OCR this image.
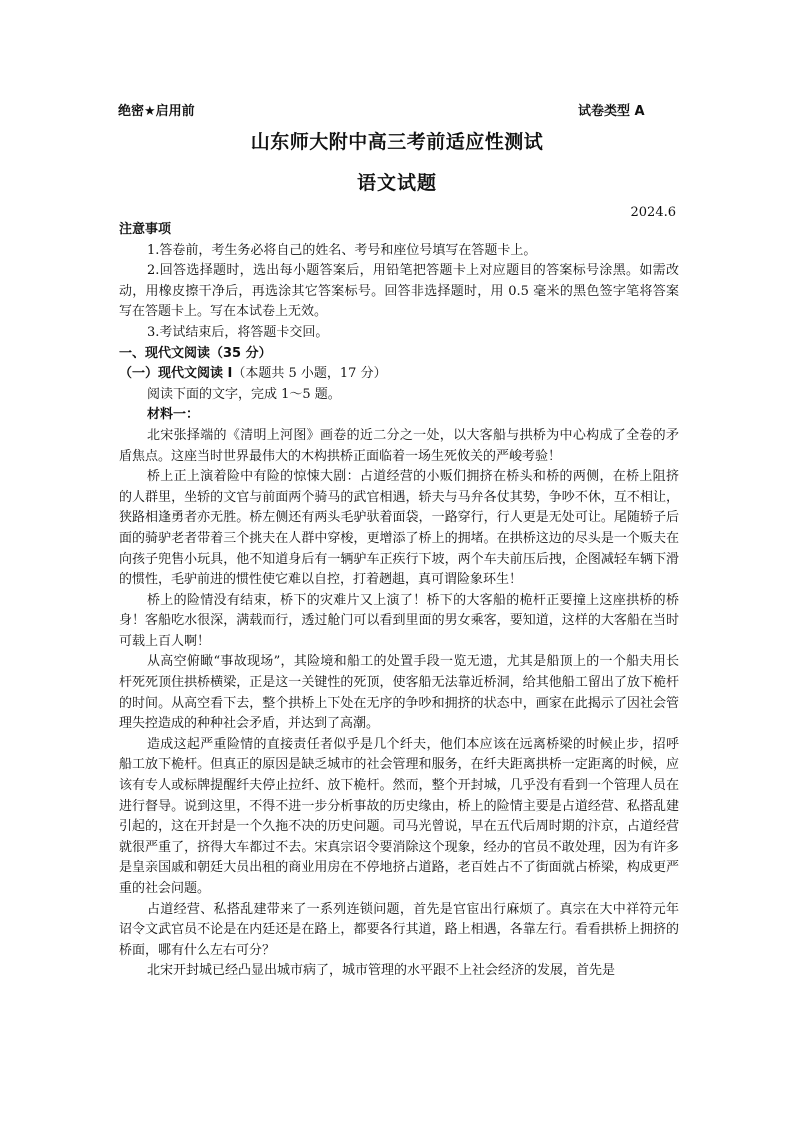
绝密★启用前	试卷类型 A
山东师大附中高三考前适应性测试
语文试题
2024.6

注意事项

1.答卷前，考生务必将自己的姓名、考号和座位号填写在答题卡上。

2.回答选择题时，选出每小题答案后，用铅笔把答题卡上对应题目的答案标号涂黑。如需改动，用橡皮擦干净后，再选涂其它答案标号。回答非选择题时，用 0.5 毫米的黑色签字笔将答案写在答题卡上。写在本试卷上无效。

3.考试结束后，将答题卡交回。

一、现代文阅读（35 分）

（一）现代文阅读 I（本题共 5 小题，17 分）

阅读下面的文字，完成 1～5 题。

材料一：

北宋张择端的《清明上河图》画卷的近二分之一处，以大客船与拱桥为中心构成了全卷的矛盾焦点。这座当时世界最伟大的木构拱桥正面临着一场生死攸关的严峻考验！

桥上正上演着险中有险的惊悚大剧：占道经营的小贩们拥挤在桥头和桥的两侧，在桥上阻挤的人群里，坐轿的文官与前面两个骑马的武官相遇，轿夫与马弁各仗其势，争吵不休，互不相让，狭路相逢勇者亦无胜。桥左侧还有两头毛驴驮着面袋，一路穿行，行人更是无处可让。尾随轿子后面的骑驴老者带着三个挑夫在人群中穿梭，更增添了桥上的拥堵。在拱桥这边的尽头是一个贩夫在向孩子兜售小玩具，他不知道身后有一辆驴车正疾行下坡，两个车夫前压后拽，企图减轻车辆下滑的惯性，毛驴前进的惯性使它难以自控，打着趔趄，真可谓险象环生！

桥上的险情没有结束，桥下的灾难片又上演了！桥下的大客船的桅杆正要撞上这座拱桥的桥身！客船吃水很深，满载而行，透过舱门可以看到里面的男女乘客，要知道，这样的大客船在当时可载上百人啊！

从高空俯瞰“事故现场”，其险境和船工的处置手段一览无遗，尤其是船顶上的一个船夫用长杆死死顶住拱桥横梁，正是这一关键性的死顶，使客船无法靠近桥洞，给其他船工留出了放下桅杆的时间。从高空看下去，整个拱桥上下处在无序的争吵和拥挤的状态中，画家在此揭示了因社会管理失控造成的种种社会矛盾，并达到了高潮。

造成这起严重险情的直接责任者似乎是几个纤夫，他们本应该在远离桥梁的时候止步，招呼船工放下桅杆。但真正的原因是缺乏城市的社会管理和服务，在纤夫距离拱桥一定距离的时候，应该有专人或标牌提醒纤夫停止拉纤、放下桅杆。然而，整个开封城，几乎没有看到一个管理人员在进行督导。说到这里，不得不进一步分析事故的历史缘由，桥上的险情主要是占道经营、私搭乱建引起的，这在开封是一个久拖不决的历史问题。司马光曾说，早在五代后周时期的汴京，占道经营就很严重了，挤得大车都过不去。宋真宗诏令要消除这个现象，经办的官员不敢处理，因为有许多是皇亲国戚和朝廷大员出租的商业用房在不停地挤占道路，老百姓占不了街面就占桥梁，构成更严重的社会问题。

占道经营、私搭乱建带来了一系列连锁问题，首先是官宦出行麻烦了。真宗在大中祥符元年诏令文武官员不论是在内廷还是在路上，都要各行其道，路上相遇，各靠左行。看看拱桥上拥挤的桥面，哪有什么左右可分？

北宋开封城已经凸显出城市病了，城市管理的水平跟不上社会经济的发展，首先是
